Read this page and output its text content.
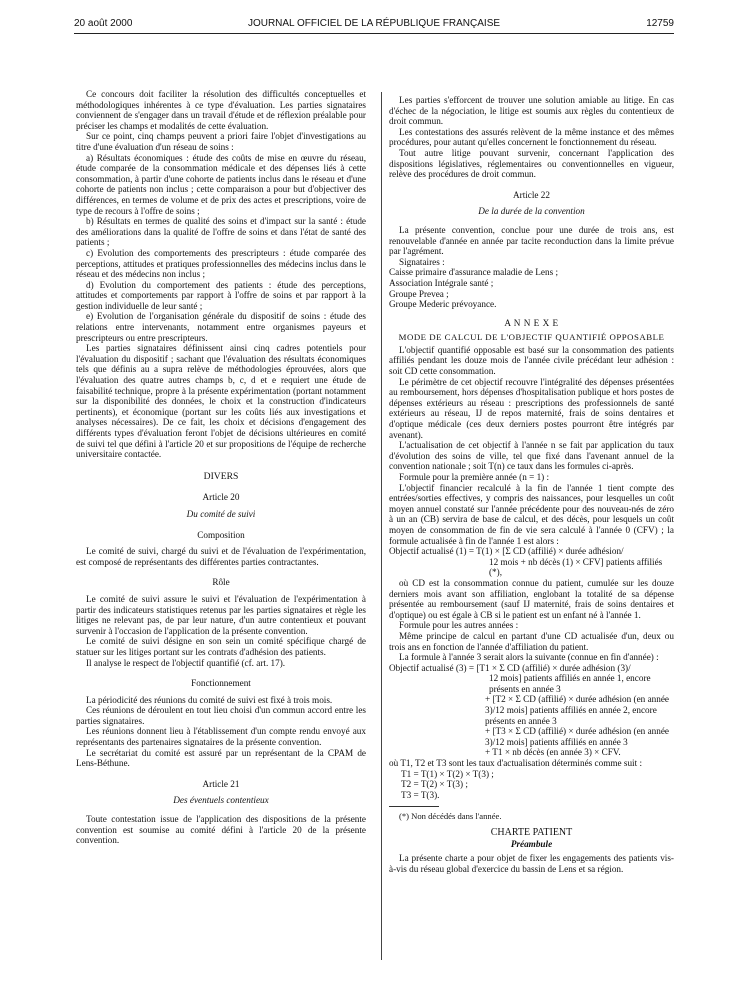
20 août 2000	JOURNAL OFFICIEL DE LA RÉPUBLIQUE FRANÇAISE	12759

Ce concours doit faciliter la résolution des difficultés conceptuelles et méthodologiques inhérentes à ce type d'évaluation. Les parties signataires conviennent de s'engager dans un travail d'étude et de réflexion préalable pour préciser les champs et modalités de cette évaluation.

Sur ce point, cinq champs peuvent a priori faire l'objet d'investigations au titre d'une évaluation d'un réseau de soins :

a) Résultats économiques : étude des coûts de mise en œuvre du réseau, étude comparée de la consommation médicale et des dépenses liés à cette consommation, à partir d'une cohorte de patients inclus dans le réseau et d'une cohorte de patients non inclus ; cette comparaison a pour but d'objectiver des différences, en termes de volume et de prix des actes et prescriptions, voire de type de recours à l'offre de soins ;

b) Résultats en termes de qualité des soins et d'impact sur la santé : étude des améliorations dans la qualité de l'offre de soins et dans l'état de santé des patients ;

c) Evolution des comportements des prescripteurs : étude comparée des perceptions, attitudes et pratiques professionnelles des médecins inclus dans le réseau et des médecins non inclus ;

d) Evolution du comportement des patients : étude des perceptions, attitudes et comportements par rapport à l'offre de soins et par rapport à la gestion individuelle de leur santé ;

e) Evolution de l'organisation générale du dispositif de soins : étude des relations entre intervenants, notamment entre organismes payeurs et prescripteurs ou entre prescripteurs.

Les parties signataires définissent ainsi cinq cadres potentiels pour l'évaluation du dispositif ; sachant que l'évaluation des résultats économiques tels que définis au a supra relève de méthodologies éprouvées, alors que l'évaluation des quatre autres champs b, c, d et e requiert une étude de faisabilité technique, propre à la présente expérimentation (portant notamment sur la disponibilité des données, le choix et la construction d'indicateurs pertinents), et économique (portant sur les coûts liés aux investigations et analyses nécessaires). De ce fait, les choix et décisions d'engagement des différents types d'évaluation feront l'objet de décisions ultérieures en comité de suivi tel que défini à l'article 20 et sur propositions de l'équipe de recherche universitaire contactée.

DIVERS
Article 20
Du comité de suivi
Composition

Le comité de suivi, chargé du suivi et de l'évaluation de l'expérimentation, est composé de représentants des différentes parties contractantes.

Rôle

Le comité de suivi assure le suivi et l'évaluation de l'expérimentation à partir des indicateurs statistiques retenus par les parties signataires et règle les litiges ne relevant pas, de par leur nature, d'un autre contentieux et pouvant survenir à l'occasion de l'application de la présente convention.

Le comité de suivi désigne en son sein un comité spécifique chargé de statuer sur les litiges portant sur les contrats d'adhésion des patients.

Il analyse le respect de l'objectif quantifié (cf. art. 17).

Fonctionnement

La périodicité des réunions du comité de suivi est fixé à trois mois.

Ces réunions de déroulent en tout lieu choisi d'un commun accord entre les parties signataires.

Les réunions donnent lieu à l'établissement d'un compte rendu envoyé aux représentants des partenaires signataires de la présente convention.

Le secrétariat du comité est assuré par un représentant de la CPAM de Lens-Béthune.

Article 21
Des éventuels contentieux

Toute contestation issue de l'application des dispositions de la présente convention est soumise au comité défini à l'article 20 de la présente convention.

Les parties s'efforcent de trouver une solution amiable au litige. En cas d'échec de la négociation, le litige est soumis aux règles du contentieux de droit commun.

Les contestations des assurés relèvent de la même instance et des mêmes procédures, pour autant qu'elles concernent le fonctionnement du réseau.

Tout autre litige pouvant survenir, concernant l'application des dispositions législatives, réglementaires ou conventionnelles en vigueur, relève des procédures de droit commun.

Article 22
De la durée de la convention

La présente convention, conclue pour une durée de trois ans, est renouvelable d'année en année par tacite reconduction dans la limite prévue par l'agrément.

Signataires :

Caisse primaire d'assurance maladie de Lens ;

Association Intégrale santé ;

Groupe Prevea ;

Groupe Mederic prévoyance.

A N N E X E
MODE DE CALCUL DE L'OBJECTIF QUANTIFIÉ OPPOSABLE

L'objectif quantifié opposable est basé sur la consommation des patients affiliés pendant les douze mois de l'année civile précédant leur adhésion : soit CD cette consommation.

Le périmètre de cet objectif recouvre l'intégralité des dépenses présentées au remboursement, hors dépenses d'hospitalisation publique et hors postes de dépenses extérieurs au réseau : prescriptions des professionnels de santé extérieurs au réseau, IJ de repos maternité, frais de soins dentaires et d'optique médicale (ces deux derniers postes pourront être intégrés par avenant).

L'actualisation de cet objectif à l'année n se fait par application du taux d'évolution des soins de ville, tel que fixé dans l'avenant annuel de la convention nationale ; soit T(n) ce taux dans les formules ci-après.

Formule pour la première année (n = 1) :

L'objectif financier recalculé à la fin de l'année 1 tient compte des entrées/sorties effectives, y compris des naissances, pour lesquelles un coût moyen annuel constaté sur l'année précédente pour des nouveau-nés de zéro à un an (CB) servira de base de calcul, et des décès, pour lesquels un coût moyen de consommation de fin de vie sera calculé à l'année 0 (CFV) ; la formule actualisée à fin de l'année 1 est alors :

Objectif actualisé (1) = T(1) × [Σ CD (affilié) × durée adhésion/
12 mois + nb décès (1) × CFV] patients affiliés (*),

où CD est la consommation connue du patient, cumulée sur les douze derniers mois avant son affiliation, englobant la totalité de sa dépense présentée au remboursement (sauf IJ maternité, frais de soins dentaires et d'optique) ou est égale à CB si le patient est un enfant né à l'année 1.

Formule pour les autres années :

Même principe de calcul en partant d'une CD actualisée d'un, deux ou trois ans en fonction de l'année d'affiliation du patient.

La formule à l'année 3 serait alors la suivante (connue en fin d'année) :

Objectif actualisé (3) = [T1 × Σ CD (affilié) × durée adhésion (3)/
12 mois] patients affiliés en année 1, encore présents en année 3
+ [T2 × Σ CD (affilié) × durée adhésion (en année 3)/12 mois] patients affiliés en année 2, encore présents en année 3
+ [T3 × Σ CD (affilié) × durée adhésion (en année 3)/12 mois] patients affiliés en année 3
+ T1 × nb décès (en année 3) × CFV.

où T1, T2 et T3 sont les taux d'actualisation déterminés comme suit :

T1 = T(1) × T(2) × T(3) ;
T2 = T(2) × T(3) ;
T3 = T(3).

(*) Non décédés dans l'année.

CHARTE PATIENT
Préambule

La présente charte a pour objet de fixer les engagements des patients vis-à-vis du réseau global d'exercice du bassin de Lens et sa région.
